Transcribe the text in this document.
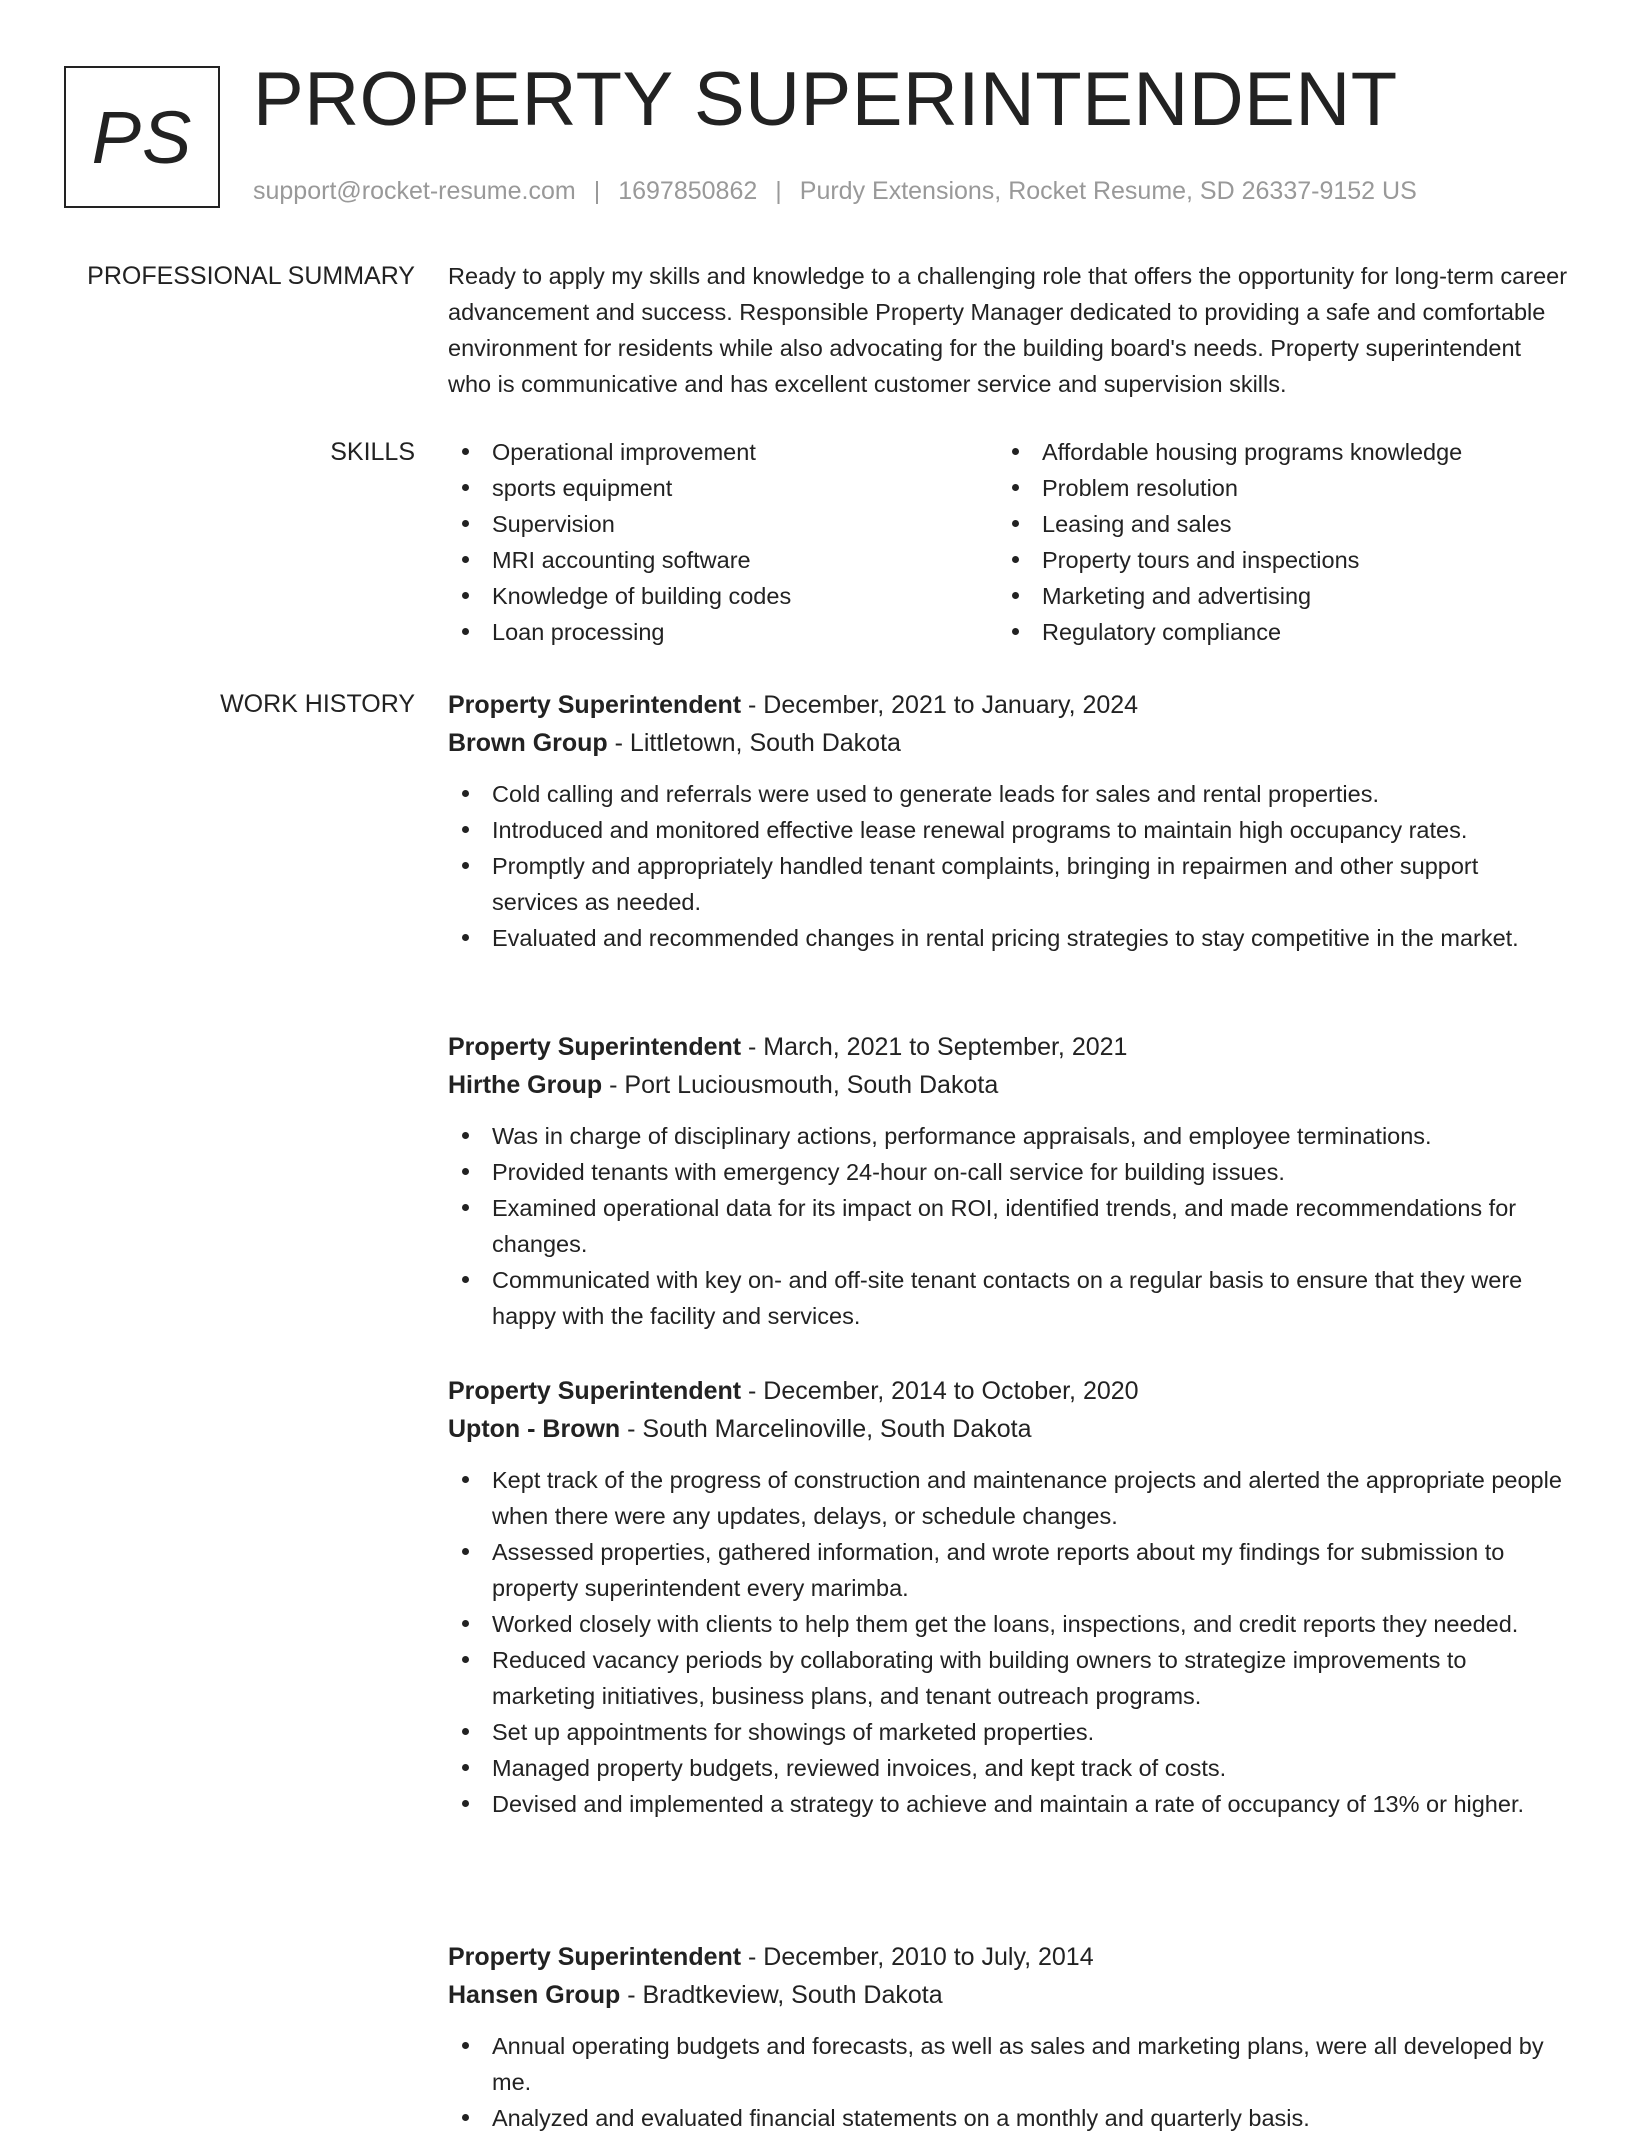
PS PROPERTY SUPERINTENDENT
support@rocket-resume.com | 1697850862 | Purdy Extensions, Rocket Resume, SD 26337-9152 US
PROFESSIONAL SUMMARY Ready to apply my skills and knowledge to a challenging role that offers the opportunity for long-term career advancement and success. Responsible Property Manager dedicated to providing a safe and comfortable environment for residents while also advocating for the building board's needs. Property superintendent who is communicative and has excellent customer service and supervision skills.

SKILLS	Operational improvement
sports equipment
Supervision
MRI accounting software
Knowledge of building codes
Loan processing
Affordable housing programs knowledge
Problem resolution
Leasing and sales
Property tours and inspections
Marketing and advertising
Regulatory compliance
WORK HISTORY Property Superintendent - December, 2021 to January, 2024
Brown Group - Littletown, South Dakota
Cold calling and referrals were used to generate leads for sales and rental properties.
Introduced and monitored effective lease renewal programs to maintain high occupancy rates.
Promptly and appropriately handled tenant complaints, bringing in repairmen and other support services as needed.
Evaluated and recommended changes in rental pricing strategies to stay competitive in the market.
Property Superintendent - March, 2021 to September, 2021
Hirthe Group - Port Luciousmouth, South Dakota
Was in charge of disciplinary actions, performance appraisals, and employee terminations.
Provided tenants with emergency 24-hour on-call service for building issues.
Examined operational data for its impact on ROI, identified trends, and made recommendations for changes.
Communicated with key on- and off-site tenant contacts on a regular basis to ensure that they were happy with the facility and services.
Property Superintendent - December, 2014 to October, 2020
Upton - Brown - South Marcelinoville, South Dakota
Kept track of the progress of construction and maintenance projects and alerted the appropriate people when there were any updates, delays, or schedule changes.
Assessed properties, gathered information, and wrote reports about my findings for submission to property superintendent every marimba.
Worked closely with clients to help them get the loans, inspections, and credit reports they needed.
Reduced vacancy periods by collaborating with building owners to strategize improvements to marketing initiatives, business plans, and tenant outreach programs.
Set up appointments for showings of marketed properties.
Managed property budgets, reviewed invoices, and kept track of costs.
Devised and implemented a strategy to achieve and maintain a rate of occupancy of 13% or higher.
Property Superintendent - December, 2010 to July, 2014
Hansen Group - Bradtkeview, South Dakota
Annual operating budgets and forecasts, as well as sales and marketing plans, were all developed by me.
Analyzed and evaluated financial statements on a monthly and quarterly basis.
